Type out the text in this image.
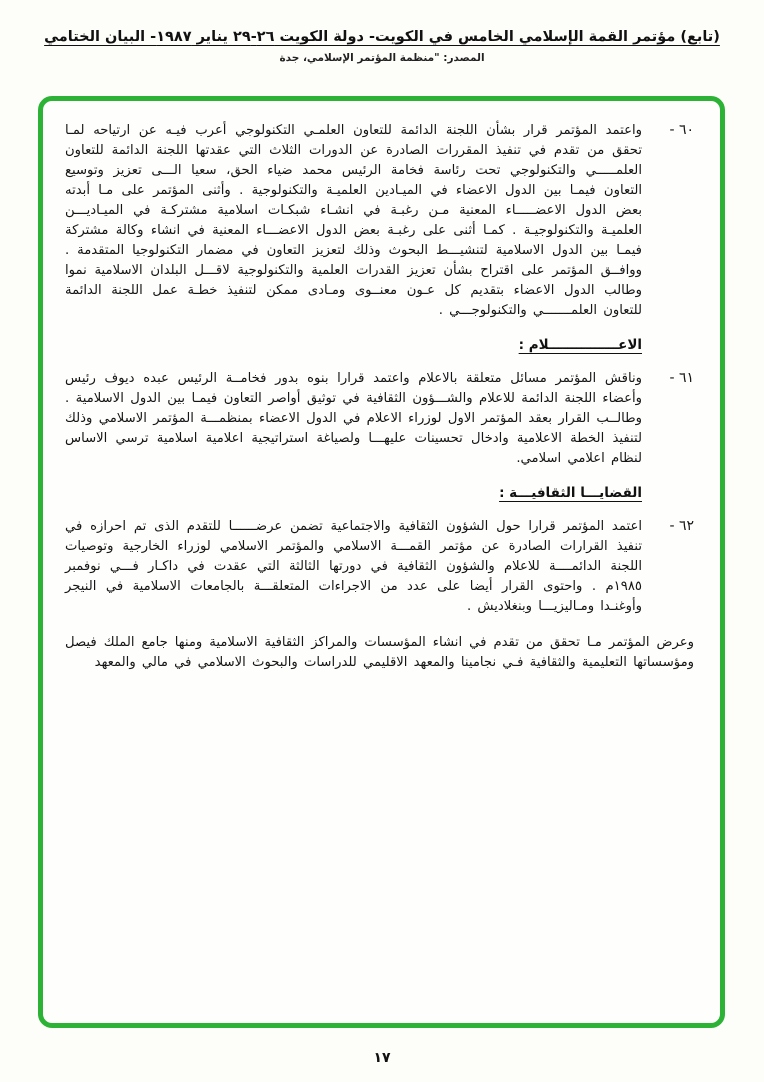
(تابع) مؤتمر القمة الإسلامي الخامس في الكويت- دولة الكويت ٢٦-٢٩ يناير ١٩٨٧- البيان الختامي
المصدر: "منظمة المؤتمر الإسلامي، جدة
٦٠ -
واعتمد المؤتمر قرار بشأن اللجنة الدائمة للتعاون العلمـي التكنولوجي أعرب فيـه عن ارتياحه لمـا تحقق من تقدم في تنفيذ المقررات الصادرة عن الدورات الثلاث التي عقدتها اللجنة الدائمة للتعاون العلمـــــي والتكنولوجي تحت رئاسة فخامة الرئيس محمد ضياء الحق، سعيا الـــى تعزيز وتوسيع التعاون فيمـا بين الدول الاعضاء في الميـادين العلميـة والتكنولوجية . وأثنى المؤتمر على مـا أبدته بعض الدول الاعضـــــاء المعنية مـن رغبـة في انشـاء شبكـات اسلامية مشتركـة في الميـاديـــن العلميـة والتكنولوجيـة . كمـا أثنى على رغبـة بعض الدول الاعضـــاء المعنية في انشاء وكالة مشتركة فيمـا بين الدول الاسلامية لتنشيـــط البحوث وذلك لتعزيز التعاون في مضمار التكنولوجيا المتقدمة . ووافــق المؤتمر على اقتراح بشأن تعزيز القدرات العلمية والتكنولوجية لاقـــل البلدان الاسلامية نموا وطالب الدول الاعضاء بتقديم كل عـون معنــوى ومـادى ممكن لتنفيذ خطـة عمل اللجنة الدائمة للتعاون العلمـــــــي والتكنولوجـــي .
الاعـــــــــــــــلام :
٦١ -
وناقش المؤتمر مسائل متعلقة بالاعلام واعتمد قرارا بنوه بدور فخامــة الرئيس عبده ديوف رئيس وأعضاء اللجنة الدائمة للاعلام والشـــؤون الثقافية في توثيق أواصر التعاون فيمـا بين الدول الاسلامية . وطالــب القرار بعقد المؤتمر الاول لوزراء الاعلام في الدول الاعضاء بمنظمـــة المؤتمر الاسلامي وذلك لتنفيذ الخطة الاعلامية وادخال تحسينات عليهـــا ولصياغة استراتيجية اعلامية اسلامية ترسي الاساس لنظام اعلامي اسلامي.
القضايـــا الثقافيـــة :
٦٢ -
اعتمد المؤتمر قرارا حول الشؤون الثقافية والاجتماعية تضمن عرضــــــا للتقدم الذى تم احرازه في تنفيذ القرارات الصادرة عن مؤتمر القمـــة الاسلامي والمؤتمر الاسلامي لوزراء الخارجية وتوصيات اللجنة الدائمــــة للاعلام والشؤون الثقافية في دورتها الثالثة التي عقدت في داكـار فـــي نوفمبر ١٩٨٥م . واحتوى القرار أيضا على عدد من الاجراءات المتعلقـــة بالجامعات الاسلامية في النيجر وأوغنـدا ومـاليزيـــا وبنغلاديش .
وعرض المؤتمر مـا تحقق من تقدم في انشاء المؤسسات والمراكز الثقافية الاسلامية ومنها جامع الملك فيصل ومؤسساتها التعليمية والثقافية فـي نجامينا والمعهد الاقليمي للدراسات والبحوث الاسلامي في مالي والمعهد
١٧
